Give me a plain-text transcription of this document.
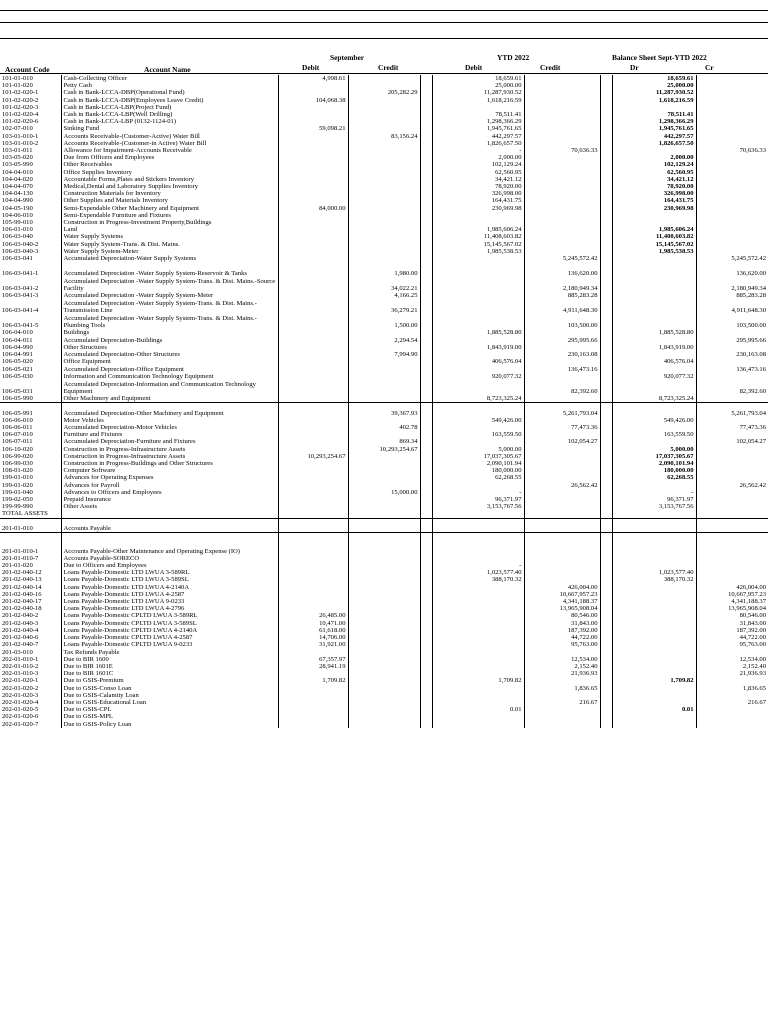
September	YTD 2022	Balance Sheet Sept-YTD 2022
Account Code	Account Name	Debit	Credit	Debit	Credit	Dr	Cr
101-01-010	Cash-Collecting Officer	4,998.61			18,659.61			18,659.61	
101-01-020	Petty Cash				25,000.00			25,000.00	
101-02-020-1	Cash in Bank-LCCA-DBP(Operational Fund)		205,282.29		11,287,930.52			11,287,930.52	
101-02-020-2	Cash in Bank-LCCA-DBP(Employees Leave Credit)	104,068.38			1,618,216.59			1,618,216.59	
101-02-020-3	Cash in Bank-LCCA-LBP(Project Fund)								
101-02-020-4	Cash in Bank-LCCA-LBP(Well Drilling)				78,511.41			78,511.41	
101-02-020-6	Cash in Bank-LCCA-LBP (0132-1124-01)				1,298,366.29			1,298,366.29	
102-07-010	Sinking Fund	59,098.21			1,945,761.65			1,945,761.65	
103-01-010-1	Accounts Receivable-(Customer-Active) Water Bill		83,156.24		442,297.57			442,297.57	
103-01-010-2	Accounts Receivable-(Customer-in Active) Water Bill				1,826,657.50			1,826,657.50	
103-01-011	Allowance for Impairment-Accounts Receivable				-	70,636.33			70,636.33
103-05-020	Due from Officers and Employees				2,000.00			2,000.00	
103-05-990	Other Receivables				102,129.24			102,129.24	
104-04-010	Office Supplies Inventory				62,560.95			62,560.95	
104-04-020	Accountable Forms,Plates and Stickers Inventory				34,421.12			34,421.12	
104-04-070	Medical,Dental and Laboratory Supplies Inventory				78,920.00			78,920.00	
104-04-130	Construction Materials for Inventory				326,998.00			326,998.00	
104-04-990	Other Supplies and Materials Inventory				164,431.75			164,431.75	
104-05-190	Semi-Expendable Other Machinery and Equipment	84,000.00			230,969.98			230,969.98	
104-06-010	Semi-Expendable Furniture and Fixtures								
105-99-010	Construction in Progress-Investment Property,Buildings								
106-01-010	Land				1,985,606.24			1,985,606.24	
106-03-040	Water Supply Systems				11,408,603.82			11,408,603.82	
106-03-040-2	Water Supply System-Trans. & Dist. Mains.				15,145,567.02			15,145,567.02	
106-03-040-3	Water Supply System-Meter				1,985,538.53			1,985,538.53	
106-03-041	Accumulated Depreciation-Water Supply Systems					5,245,572.42			5,245,572.42
106-03-041-1	Accumulated Depreciation -Water Supply System-Reservoir & Tanks		1,980.00			136,620.00			136,620.00
106-03-041-2	Accumulated Depreciation -Water Supply System-Trans. & Dist. Mains.-Source Facility		34,022.21			2,180,949.34			2,180,949.34
106-03-041-3	Accumulated Depreciation -Water Supply System-Meter		4,166.25			885,283.28			885,283.28
106-03-041-4	Accumulated Depreciation -Water Supply System-Trans. & Dist. Mains.- Transmission Line		36,279.21			4,911,648.30			4,911,648.30
106-03-041-5	Accumulated Depreciation -Water Supply System-Trans. & Dist. Mains.- Plumbing Tools		1,500.00			103,500.00			103,500.00
106-04-010	Buildings				1,885,528.80			1,885,528.80	
106-04-011	Accumulated Depreciation-Buildings		2,294.54			295,995.66			295,995.66
106-04-990	Other Structures				1,843,919.00			1,843,919.00	
106-04-991	Accumulated Depreciation-Other Structures		7,994.90			230,163.08			230,163.08
106-05-020	Office Equipment				406,576.04			406,576.04	
106-05-021	Accumulated Depreciation-Office Equipment					136,473.16			136,473.16
106-05-030	Information and Communication Technology Equipment				920,077.32			920,077.32	
106-05-031	Accumulated Depreciation-Information and Communication Technology Equipment					82,392.60			82,392.60
106-05-990	Other Machinery and Equipment				8,723,325.24			8,723,325.24	

106-05-991	Accumulated Depreciation-Other Machinery and Equipment		39,367.93			5,261,793.04			5,261,793.04
106-06-010	Motor Vehicles				549,426.00			549,426.00	
106-06-011	Accumulated Depreciation-Motor Vehicles		402.78			77,473.36			77,473.36
106-07-010	Furniture and Fixtures				163,559.50			163,559.50	
106-07-011	Accumulated Depreciation-Furniture and Fixtures		869.34			102,054.27			102,054.27
106-10-020	Construction in Progress-Infrastructure Assets		10,293,254.67		5,000.00			5,000.00	
106-99-020	Construction in Progress-Infrastructure Assets	10,293,254.67			17,037,305.67			17,037,305.67	
106-99-030	Construction in Progress-Buildings and Other Structures				2,090,101.94			2,090,101.94	
108-01-020	Computer Software				180,000.00			180,000.00	
199-01-010	Advances for Operating Expenses				62,268.55			62,268.55	
199-01-020	Advances for Payroll					26,562.42			26,562.42
199-01-040	Advances to Officers and Employees		15,000.00		-			-	
199-02-050	Prepaid Insurance				96,371.97			96,371.97	
199-99-990	Other Assets				3,153,767.56			3,153,767.56	
TOTAL ASSETS									

201-01-010	Accounts Payable								

201-01-010-1	Accounts Payable-Other Maintenance and Operating Expense (IO)								
201-01-010-7	Accounts Payable-SORECO								
201-01-020	Due to Officers and Employees				-				
201-02-040-12	Loans Payable-Domestic LTD LWUA 3-589RL				1,023,577.40			1,023,577.40	
201-02-040-13	Loans Payable-Domestic LTD LWUA 3-589SL				388,170.32			388,170.32	
201-02-040-14	Loans Payable-Domestic LTD LWUA 4-2140A					426,004.00			426,004.00
201-02-040-16	Loans Payable-Domestic LTD LWUA 4-2587					10,667,957.23			10,667,957.23
201-02-040-17	Loans Payable-Domestic LTD LWUA 9-0233					4,341,188.37			4,341,188.37
201-02-040-18	Loans Payable-Domestic LTD LWUA 4-2796					13,965,908.04			13,965,908.04
201-02-040-2	Loans Payable-Domestic CPLTD LWUA 3-589RL	26,485.00				80,546.00			80,546.00
201-02-040-3	Loans Payable-Domestic CPLTD LWUA 3-589SL	10,471.00				31,843.00			31,843.00
201-02-040-4	Loans Payable-Domestic CPLTD LWUA 4-2140A	61,618.00				187,392.00			187,392.00
201-02-040-6	Loans Payable-Domestic CPLTD LWUA 4-2587	14,706.00				44,722.00			44,722.00
201-02-040-7	Loans Payable-Domestic CPLTD LWUA 9-0233	31,921.00				95,763.00			95,763.00
201-03-010	Tax Refunds Payable								
202-01-010-1	Due to BIR 1600	67,357.97				12,534.00			12,534.00
202-01-010-2	Due to BIR 1601E	28,941.19				2,152.40			2,152.40
202-01-010-3	Due to BIR 1601C					21,936.93			21,936.93
202-01-020-1	Due to GSIS-Premium	1,709.82			1,709.82			1,709.82	
202-01-020-2	Due to GSIS-Conso Loan					1,836.65			1,836.65
202-01-020-3	Due to GSIS-Calamity Loan								
202-01-020-4	Due to GSIS-Educational Loan					216.67			216.67
202-01-020-5	Due to GSIS-CPL				0.01			0.01	
202-01-020-6	Due to GSIS-MPL								
202-01-020-7	Due to GSIS-Policy Loan								
